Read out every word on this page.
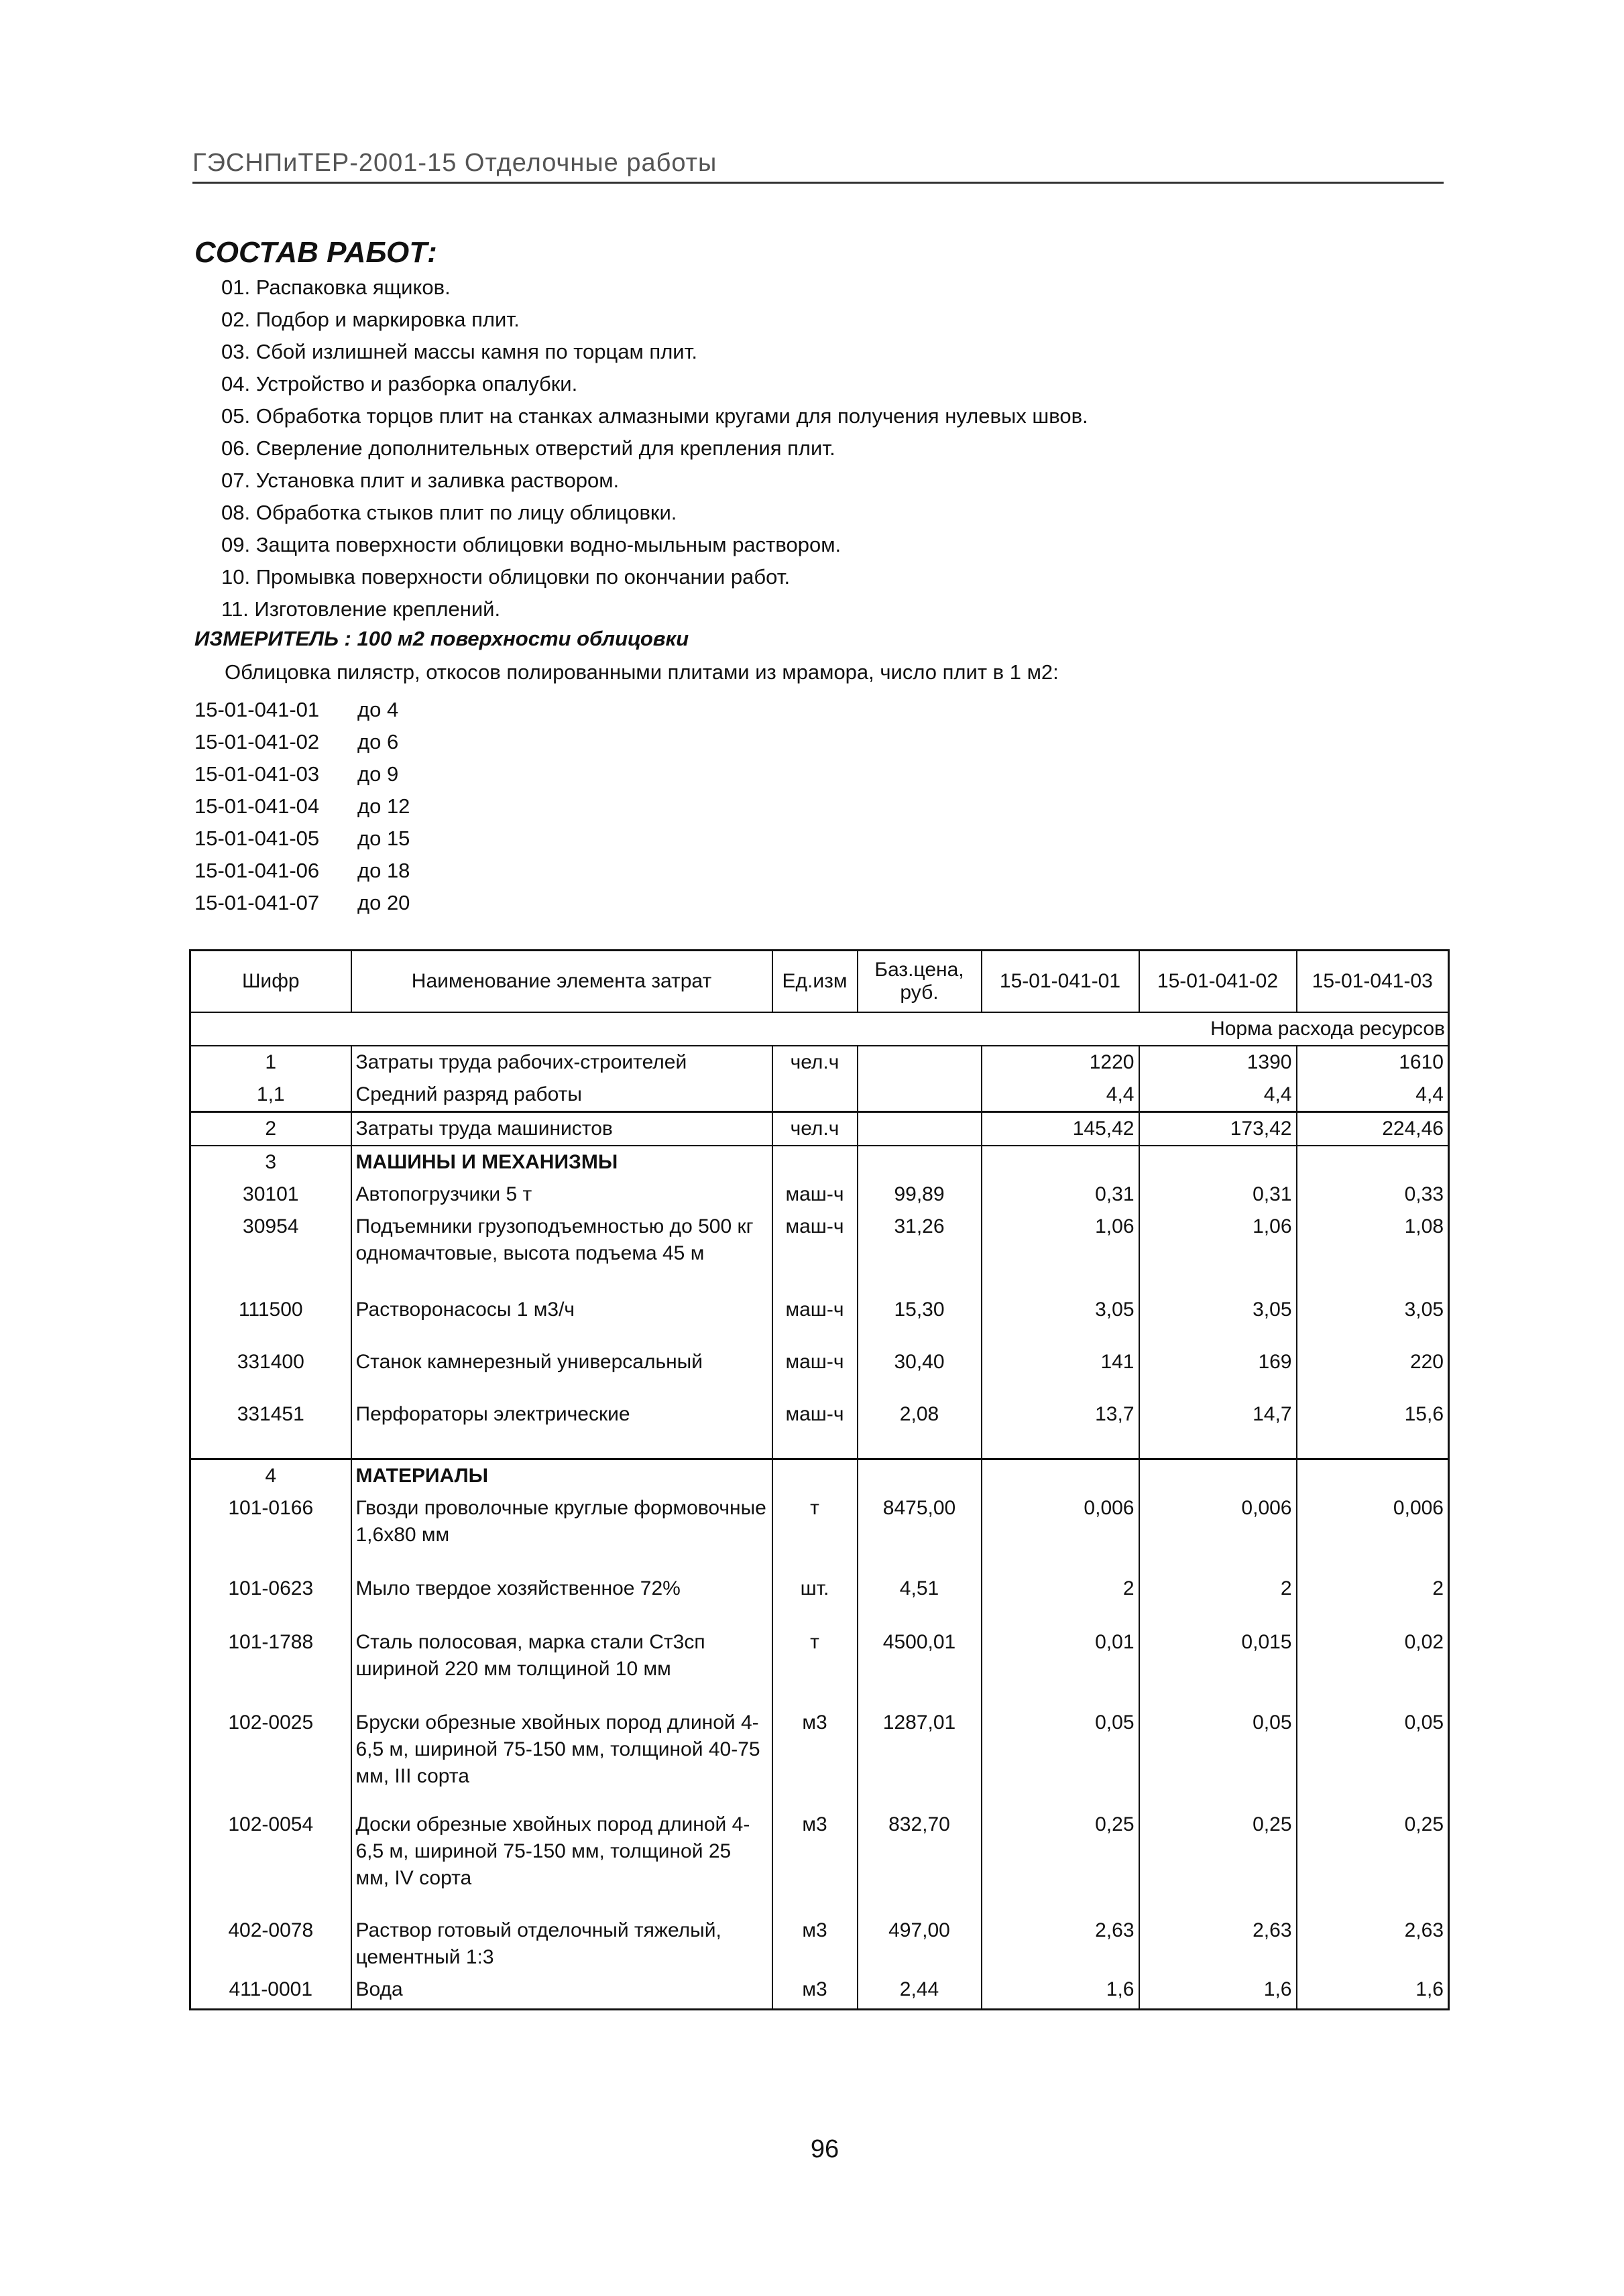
ГЭСНПиТЕР-2001-15 Отделочные работы
СОСТАВ РАБОТ:
01. Распаковка ящиков.
02. Подбор и маркировка плит.
03. Сбой излишней массы камня по торцам плит.
04. Устройство и разборка опалубки.
05. Обработка торцов плит на станках алмазными кругами для получения нулевых швов.
06. Сверление дополнительных отверстий для крепления плит.
07. Установка плит и заливка раствором.
08. Обработка стыков плит по лицу облицовки.
09. Защита поверхности облицовки водно-мыльным раствором.
10. Промывка поверхности облицовки по окончании работ.
11. Изготовление креплений.
ИЗМЕРИТЕЛЬ : 100 м2 поверхности облицовки
Облицовка пилястр, откосов полированными плитами из мрамора, число плит в 1 м2:
15-01-041-01 до 4
15-01-041-02 до 6
15-01-041-03 до 9
15-01-041-04 до 12
15-01-041-05 до 15
15-01-041-06 до 18
15-01-041-07 до 20
Шифр	Наименование элемента затрат	Ед.изм	Баз.цена, руб.	15-01-041-01	15-01-041-02	15-01-041-03
Норма расхода ресурсов						
1	Затраты труда рабочих-строителей	чел.ч		1220	1390	1610
1,1	Средний разряд работы			4,4	4,4	4,4
2	Затраты труда машинистов	чел.ч		145,42	173,42	224,46
3	МАШИНЫ И МЕХАНИЗМЫ					
30101	Автопогрузчики 5 т	маш-ч	99,89	0,31	0,31	0,33
30954	Подъемники грузоподъемностью до 500 кг одномачтовые, высота подъема 45 м	маш-ч	31,26	1,06	1,06	1,08
111500	Растворонасосы 1 м3/ч	маш-ч	15,30	3,05	3,05	3,05
331400	Станок камнерезный универсальный	маш-ч	30,40	141	169	220
331451	Перфораторы электрические	маш-ч	2,08	13,7	14,7	15,6
4	МАТЕРИАЛЫ					
101-0166	Гвозди проволочные круглые формовочные 1,6х80 мм	т	8475,00	0,006	0,006	0,006
101-0623	Мыло твердое хозяйственное 72%	шт.	4,51	2	2	2
101-1788	Сталь полосовая, марка стали Ст3сп шириной 220 мм толщиной 10 мм	т	4500,01	0,01	0,015	0,02
102-0025	Бруски обрезные хвойных пород длиной 4-6,5 м, шириной 75-150 мм, толщиной 40-75 мм, III сорта	м3	1287,01	0,05	0,05	0,05
102-0054	Доски обрезные хвойных пород длиной 4-6,5 м, шириной 75-150 мм, толщиной 25 мм, IV сорта	м3	832,70	0,25	0,25	0,25
402-0078	Раствор готовый отделочный тяжелый, цементный 1:3	м3	497,00	2,63	2,63	2,63
411-0001	Вода	м3	2,44	1,6	1,6	1,6
96
